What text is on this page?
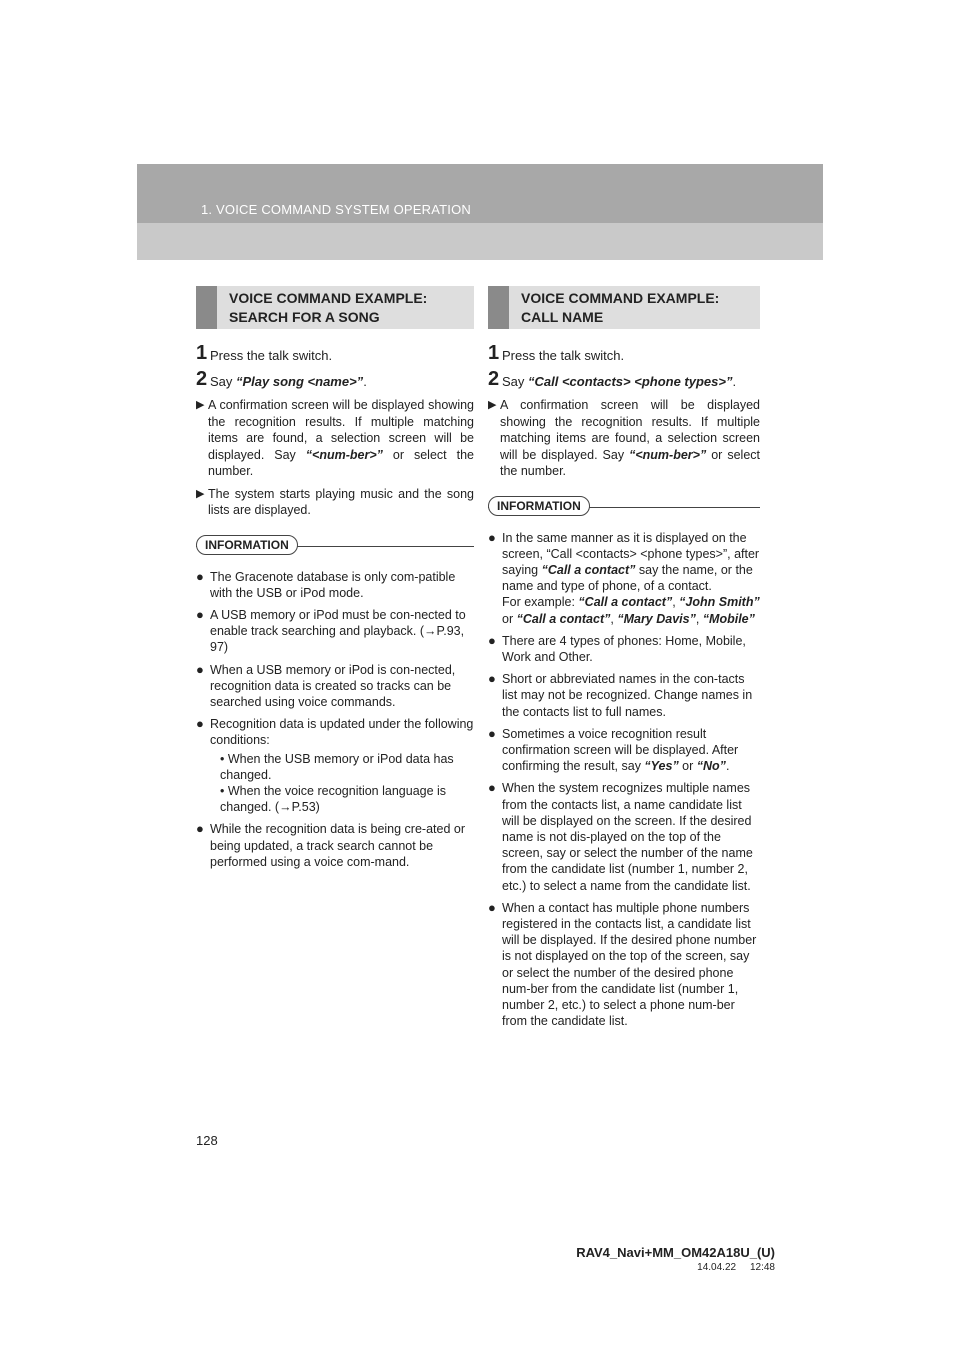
1. VOICE COMMAND SYSTEM OPERATION
VOICE COMMAND EXAMPLE:
SEARCH FOR A SONG
1 Press the talk switch.
2 Say “Play song <name>”.
▶ A confirmation screen will be displayed showing the recognition results. If multiple matching items are found, a selection screen will be displayed. Say “<num-ber>” or select the number.
▶ The system starts playing music and the song lists are displayed.
INFORMATION
● The Gracenote database is only com-patible with the USB or iPod mode.
● A USB memory or iPod must be con-nected to enable track searching and playback. (→P.93, 97)
● When a USB memory or iPod is con-nected, recognition data is created so tracks can be searched using voice commands.
● Recognition data is updated under the following conditions:
• When the USB memory or iPod data has changed.
• When the voice recognition language is changed. (→P.53)
● While the recognition data is being cre-ated or being updated, a track search cannot be performed using a voice com-mand.
VOICE COMMAND EXAMPLE:
CALL NAME
1 Press the talk switch.
2 Say “Call <contacts> <phone types>”.
▶ A confirmation screen will be displayed showing the recognition results. If multiple matching items are found, a selection screen will be displayed. Say “<num-ber>” or select the number.
INFORMATION
● In the same manner as it is displayed on the screen, “Call <contacts> <phone types>”, after saying “Call a contact” say the name, or the name and type of phone, of a contact.
For example: “Call a contact”, “John Smith” or “Call a contact”, “Mary Davis”, “Mobile”
● There are 4 types of phones: Home, Mobile, Work and Other.
● Short or abbreviated names in the con-tacts list may not be recognized. Change names in the contacts list to full names.
● Sometimes a voice recognition result confirmation screen will be displayed. After confirming the result, say “Yes” or “No”.
● When the system recognizes multiple names from the contacts list, a name candidate list will be displayed on the screen. If the desired name is not dis-played on the top of the screen, say or select the number of the name from the candidate list (number 1, number 2, etc.) to select a name from the candidate list.
● When a contact has multiple phone numbers registered in the contacts list, a candidate list will be displayed. If the desired phone number is not displayed on the top of the screen, say or select the number of the desired phone num-ber from the candidate list (number 1, number 2, etc.) to select a phone num-ber from the candidate list.
128
RAV4_Navi+MM_OM42A18U_(U)
14.04.22     12:48
